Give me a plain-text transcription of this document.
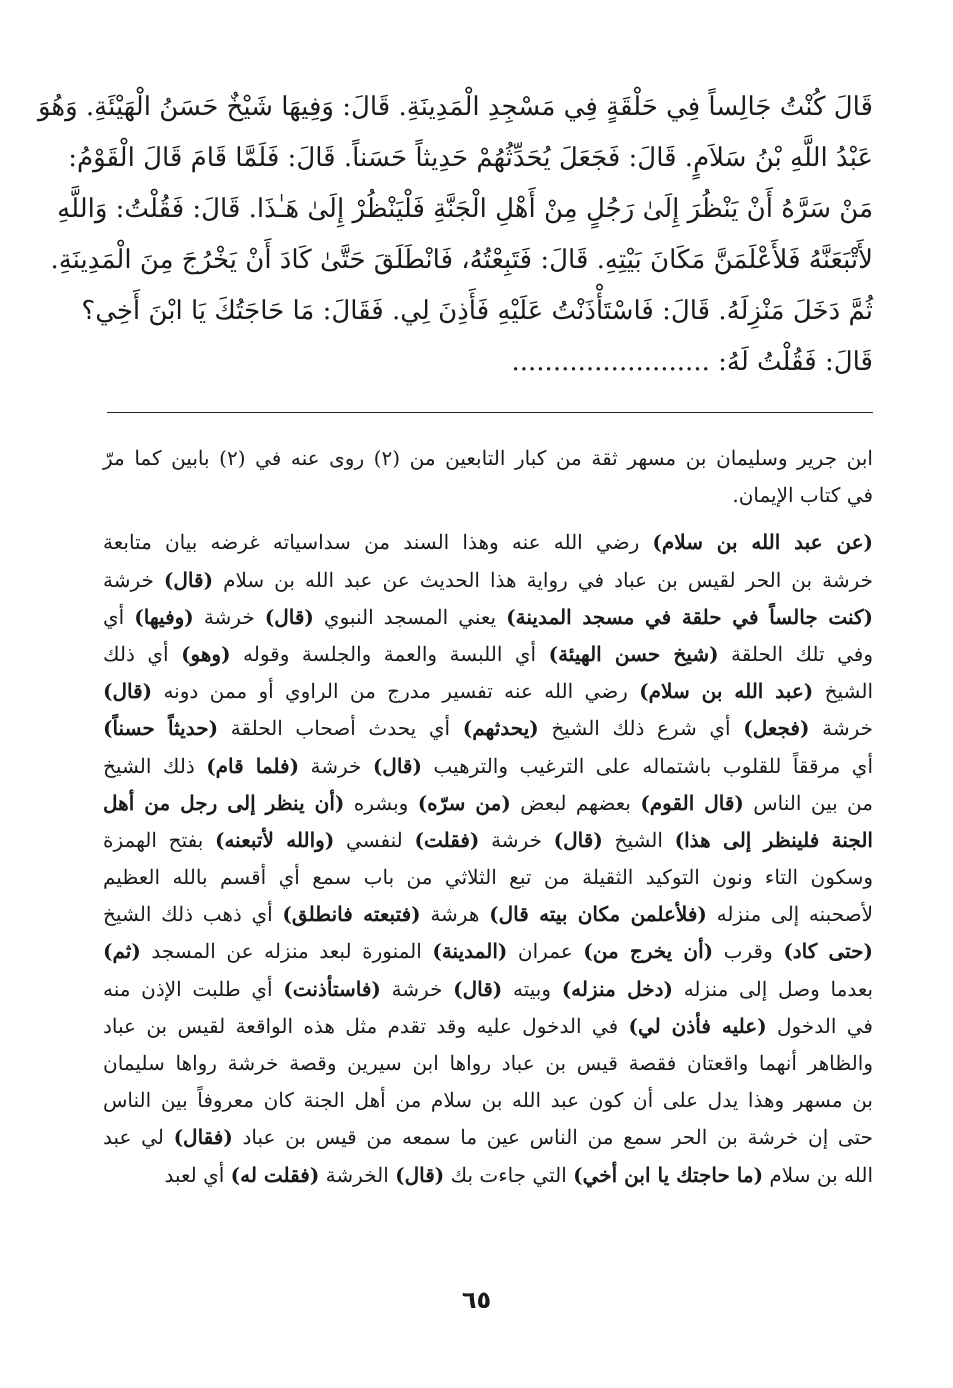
قَالَ كُنْتُ جَالِساً فِي حَلْقَةٍ فِي مَسْجِدِ الْمَدِينَةِ. قَالَ: وَفِيهَا شَيْخٌ حَسَنُ الْهَيْئَةِ. وَهُوَ
عَبْدُ اللَّهِ بْنُ سَلاَمٍ. قَالَ: فَجَعَلَ يُحَدِّثُهُمْ حَدِيثاً حَسَناً. قَالَ: فَلَمَّا قَامَ قَالَ الْقَوْمُ:
مَنْ سَرَّهُ أَنْ يَنْظُرَ إِلَىٰ رَجُلٍ مِنْ أَهْلِ الْجَنَّةِ فَلْيَنْظُرْ إِلَىٰ هَـٰذَا. قَالَ: فَقُلْتُ: وَاللَّهِ
لأَتْبَعَنَّهُ فَلأَعْلَمَنَّ مَكَانَ بَيْتِهِ. قَالَ: فَتَبِعْتُهُ، فَانْطَلَقَ حَتَّىٰ كَادَ أَنْ يَخْرُجَ مِنَ الْمَدِينَةِ.
ثُمَّ دَخَلَ مَنْزِلَهُ. قَالَ: فَاسْتَأْذَنْتُ عَلَيْهِ فَأَذِنَ لِي. فَقَالَ: مَا حَاجَتُكَ يَا ابْنَ أَخِي؟
قَالَ: فَقُلْتُ لَهُ: ........................
ابن جرير وسليمان بن مسهر ثقة من كبار التابعين من (٢) روى عنه في (٢) بابين كما مرّ
في كتاب الإيمان.
(عن عبد الله بن سلام) رضي الله عنه وهذا السند من سداسياته غرضه بيان متابعة
خرشة بن الحر لقيس بن عباد في رواية هذا الحديث عن عبد الله بن سلام (قال) خرشة
(كنت جالساً في حلقة في مسجد المدينة) يعني المسجد النبوي (قال) خرشة (وفيها) أي
وفي تلك الحلقة (شيخ حسن الهيئة) أي اللبسة والعمة والجلسة وقوله (وهو) أي ذلك
الشيخ (عبد الله بن سلام) رضي الله عنه تفسير مدرج من الراوي أو ممن دونه (قال)
خرشة (فجعل) أي شرع ذلك الشيخ (يحدثهم) أي يحدث أصحاب الحلقة (حديثاً حسناً)
أي مرققاً للقلوب باشتماله على الترغيب والترهيب (قال) خرشة (فلما قام) ذلك الشيخ
من بين الناس (قال القوم) بعضهم لبعض (من سرّه) وبشره (أن ينظر إلى رجل من أهل
الجنة فلينظر إلى هذا) الشيخ (قال) خرشة (فقلت) لنفسي (والله لأتبعنه) بفتح الهمزة
وسكون التاء ونون التوكيد الثقيلة من تبع الثلاثي من باب سمع أي أقسم بالله العظيم
لأصحبنه إلى منزله (فلأعلمن مكان بيته قال) هرشة (فتبعته فانطلق) أي ذهب ذلك الشيخ
(حتى كاد) وقرب (أن يخرج من) عمران (المدينة) المنورة لبعد منزله عن المسجد (ثم)
بعدما وصل إلى منزله (دخل منزله) وبيته (قال) خرشة (فاستأذنت) أي طلبت الإذن منه
في الدخول (عليه فأذن لي) في الدخول عليه وقد تقدم مثل هذه الواقعة لقيس بن عباد
والظاهر أنهما واقعتان فقصة قيس بن عباد رواها ابن سيرين وقصة خرشة رواها سليمان
بن مسهر وهذا يدل على أن كون عبد الله بن سلام من أهل الجنة كان معروفاً بين الناس
حتى إن خرشة بن الحر سمع من الناس عين ما سمعه من قيس بن عباد (فقال) لي عبد
الله بن سلام (ما حاجتك يا ابن أخي) التي جاءت بك (قال) الخرشة (فقلت له) أي لعبد
٦٥
